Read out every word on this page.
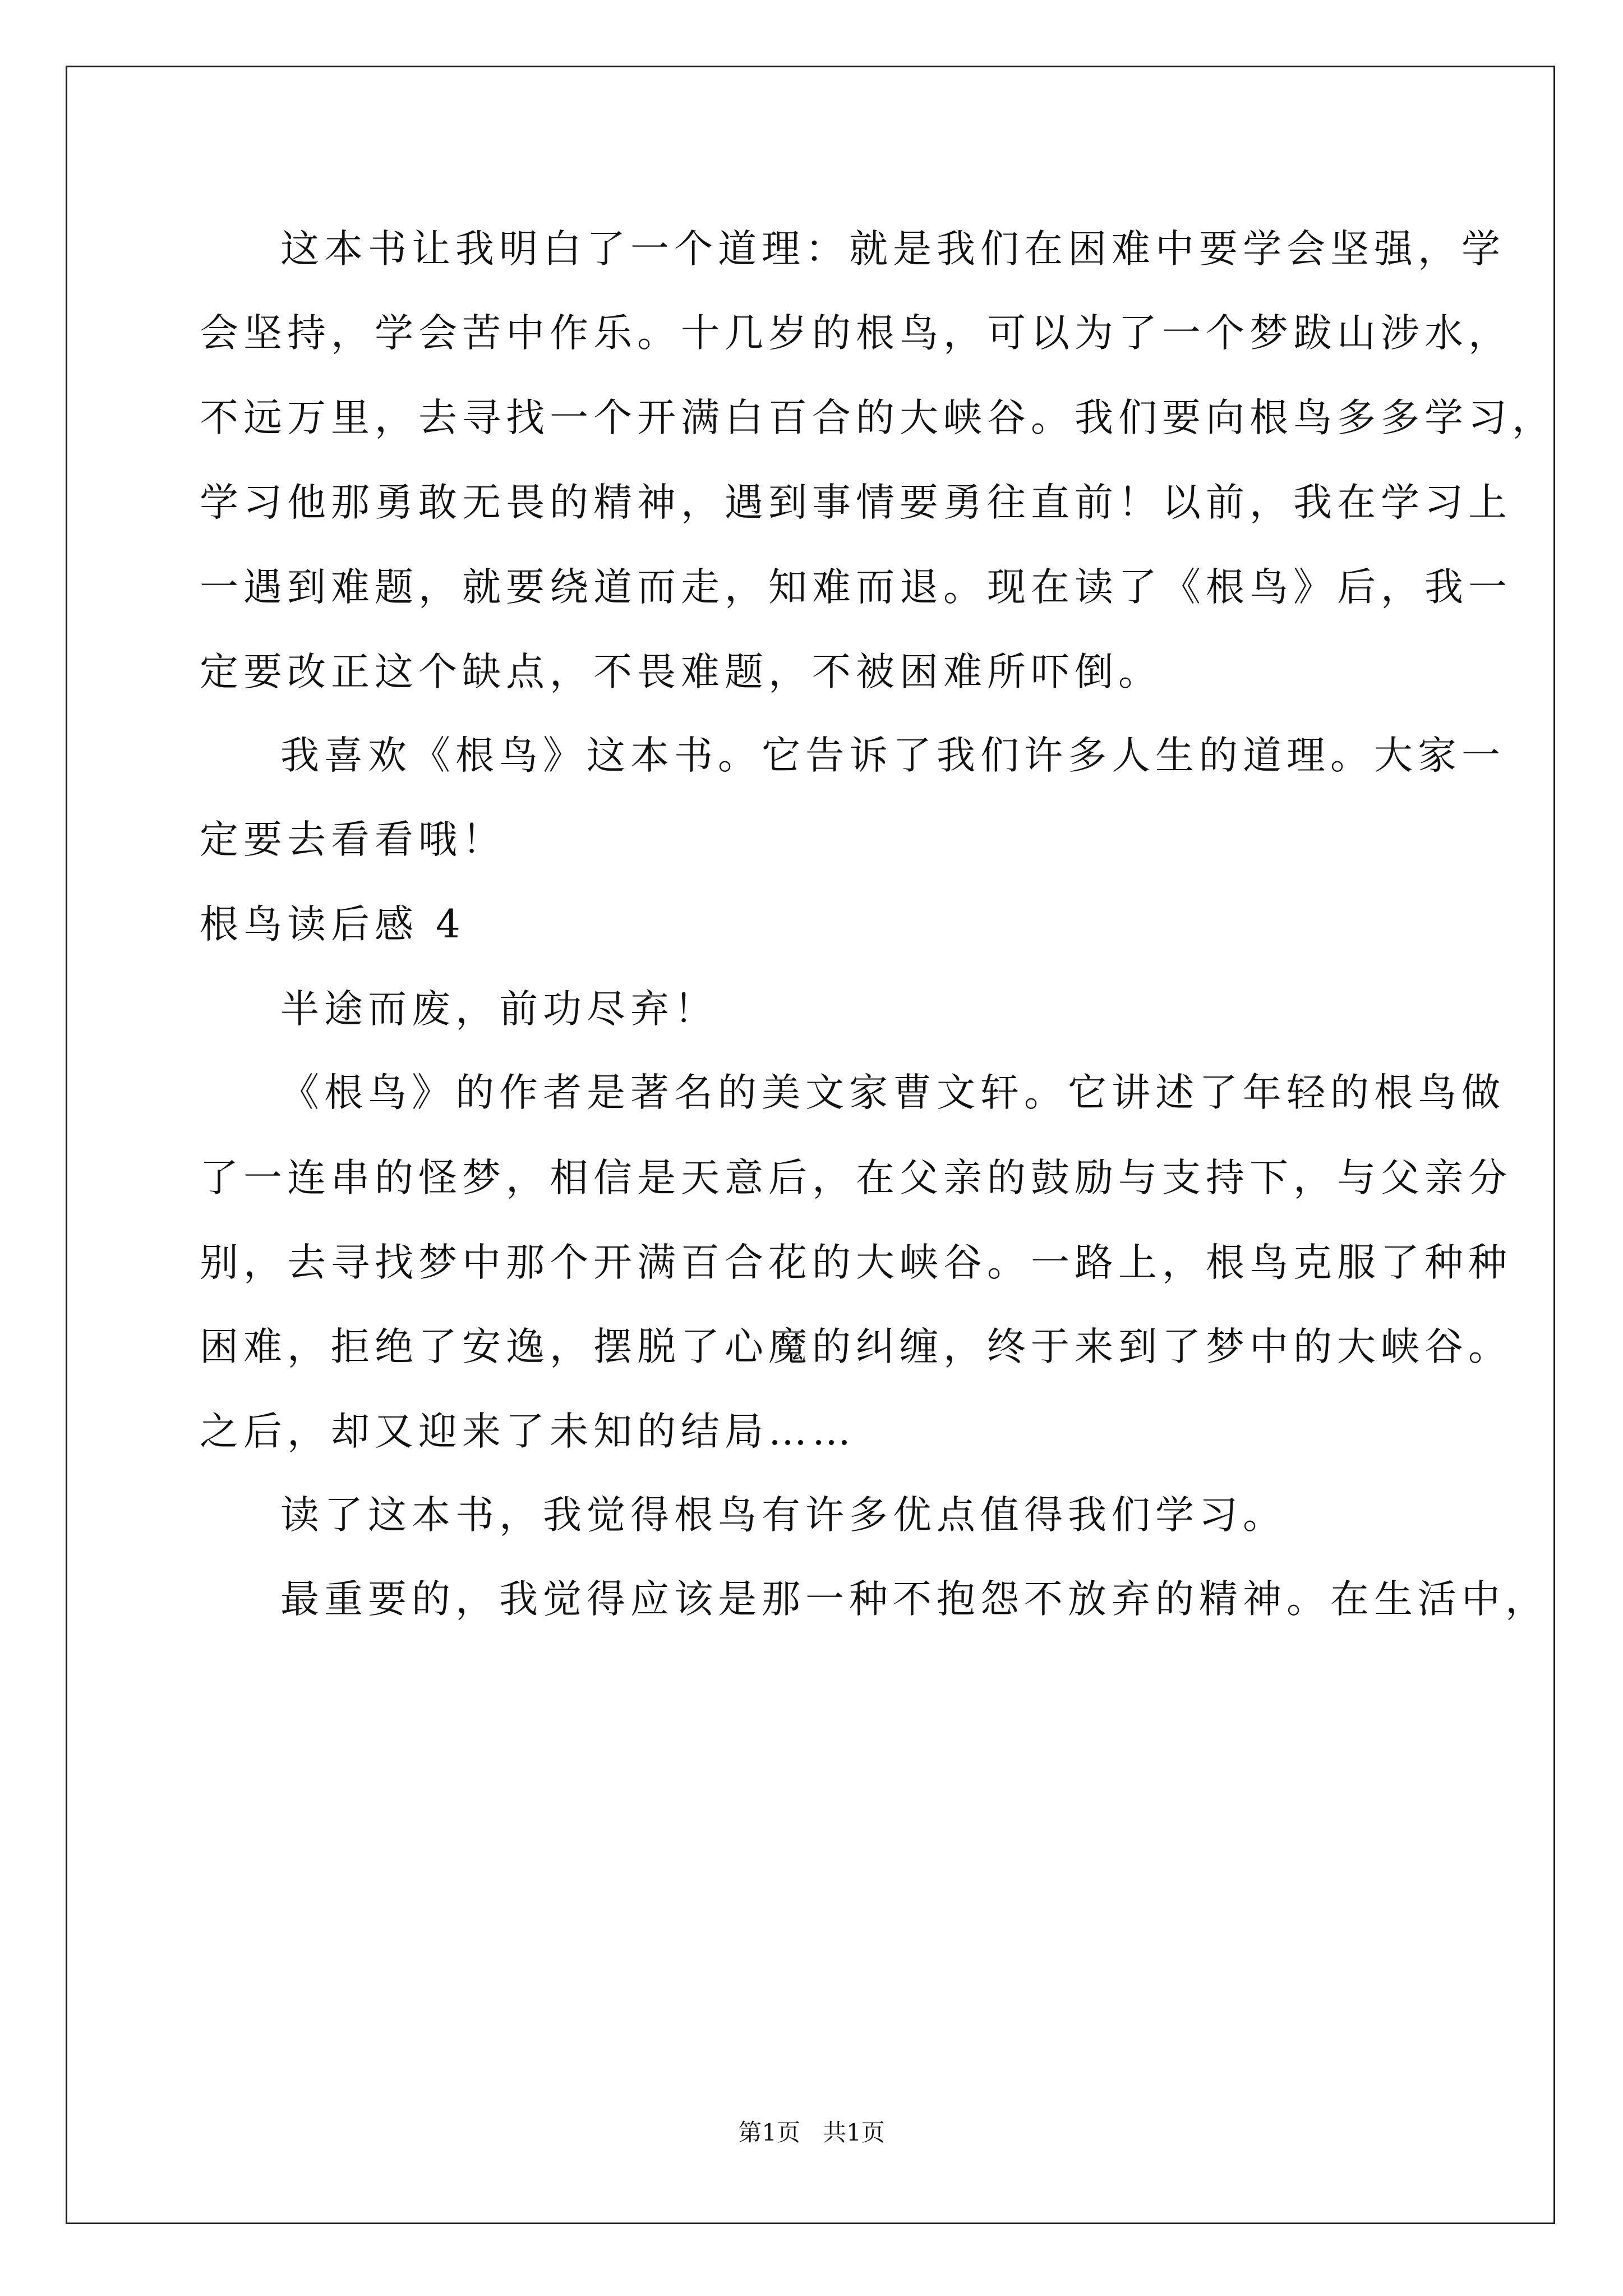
这本书让我明白了一个道理：就是我们在困难中要学会坚强，学

会坚持，学会苦中作乐。十几岁的根鸟，可以为了一个梦跋山涉水，

不远万里，去寻找一个开满白百合的大峡谷。我们要向根鸟多多学习，

学习他那勇敢无畏的精神，遇到事情要勇往直前！以前，我在学习上

一遇到难题，就要绕道而走，知难而退。现在读了《根鸟》后，我一

定要改正这个缺点，不畏难题，不被困难所吓倒。

我喜欢《根鸟》这本书。它告诉了我们许多人生的道理。大家一

定要去看看哦！

根鸟读后感 4

半途而废，前功尽弃！

《根鸟》的作者是著名的美文家曹文轩。它讲述了年轻的根鸟做

了一连串的怪梦，相信是天意后，在父亲的鼓励与支持下，与父亲分

别，去寻找梦中那个开满百合花的大峡谷。一路上，根鸟克服了种种

困难，拒绝了安逸，摆脱了心魔的纠缠，终于来到了梦中的大峡谷。

之后，却又迎来了未知的结局……

读了这本书，我觉得根鸟有许多优点值得我们学习。

最重要的，我觉得应该是那一种不抱怨不放弃的精神。在生活中，

第1页   共1页
